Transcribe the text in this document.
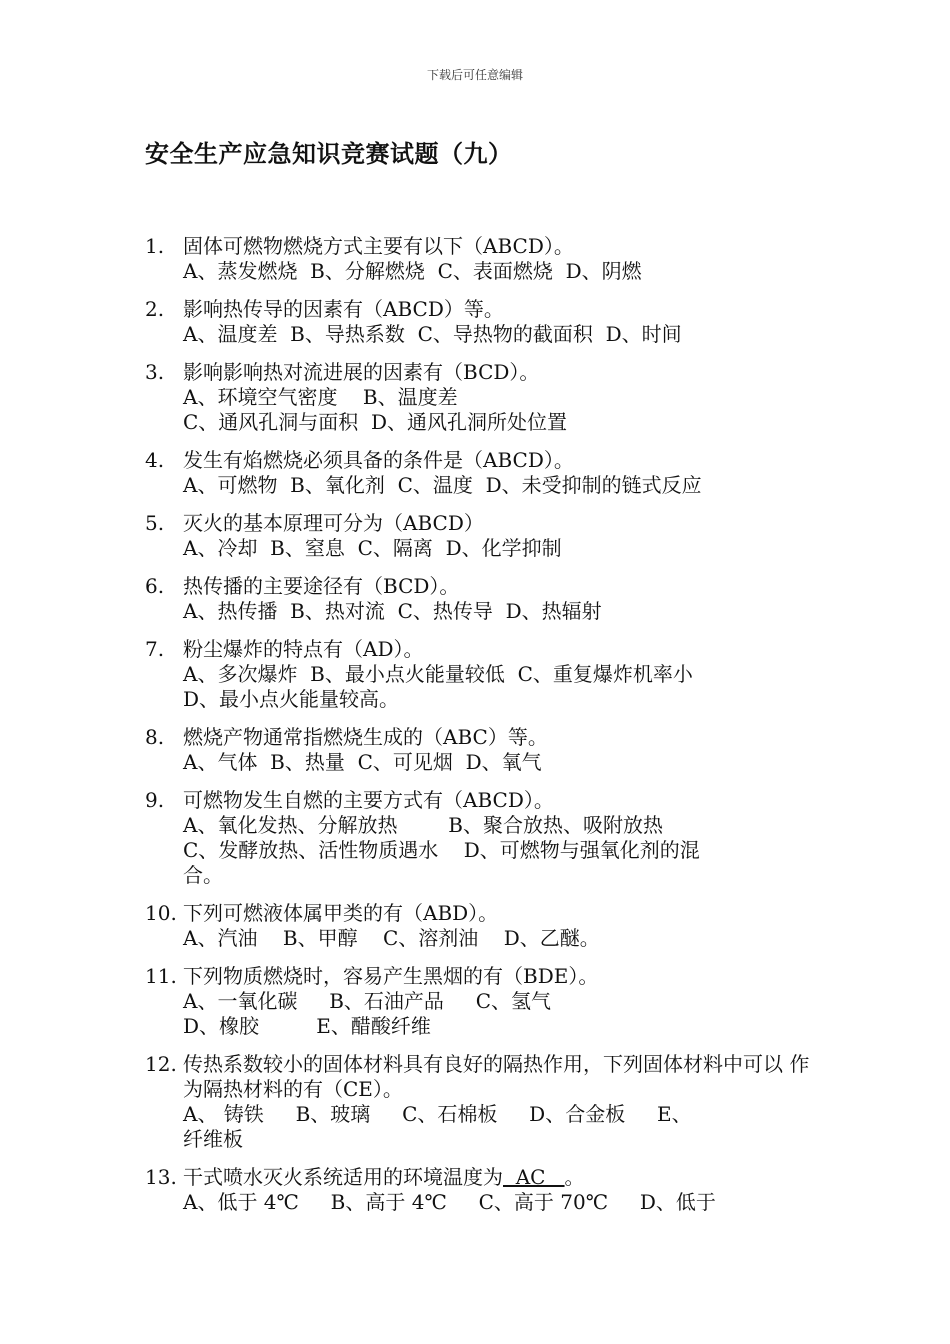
下载后可任意编辑
安全生产应急知识竞赛试题（九）
1. 固体可燃物燃烧方式主要有以下（ABCD）。
A、蒸发燃烧  B、分解燃烧  C、表面燃烧  D、阴燃
2. 影响热传导的因素有（ABCD）等。
A、温度差  B、导热系数  C、导热物的截面积  D、时间
3. 影响影响热对流进展的因素有（BCD）。
A、环境空气密度    B、温度差
C、通风孔洞与面积  D、通风孔洞所处位置
4. 发生有焰燃烧必须具备的条件是（ABCD）。
A、可燃物  B、氧化剂  C、温度  D、未受抑制的链式反应
5. 灭火的基本原理可分为（ABCD）
A、冷却  B、窒息  C、隔离  D、化学抑制
6. 热传播的主要途径有（BCD）。
A、热传播  B、热对流  C、热传导  D、热辐射
7. 粉尘爆炸的特点有（AD）。
A、多次爆炸  B、最小点火能量较低  C、重复爆炸机率小
D、最小点火能量较高。
8. 燃烧产物通常指燃烧生成的（ABC）等。
A、气体  B、热量  C、可见烟  D、氧气
9. 可燃物发生自燃的主要方式有（ABCD）。
A、氧化发热、分解放热        B、聚合放热、吸附放热
C、发酵放热、活性物质遇水    D、可燃物与强氧化剂的混
合。
10. 下列可燃液体属甲类的有（ABD）。
A、汽油    B、甲醇    C、溶剂油    D、乙醚。
11. 下列物质燃烧时，容易产生黑烟的有（BDE）。
A、一氧化碳     B、石油产品     C、氢气
D、橡胶         E、醋酸纤维
12. 传热系数较小的固体材料具有良好的隔热作用，下列固体材料中可以 作为隔热材料的有（CE）。
A、 铸铁     B、玻璃     C、石棉板     D、合金板     E、
纤维板
13. 干式喷水灭火系统适用的环境温度为  AC   。
A、低于 4℃     B、高于 4℃     C、高于 70℃     D、低于
